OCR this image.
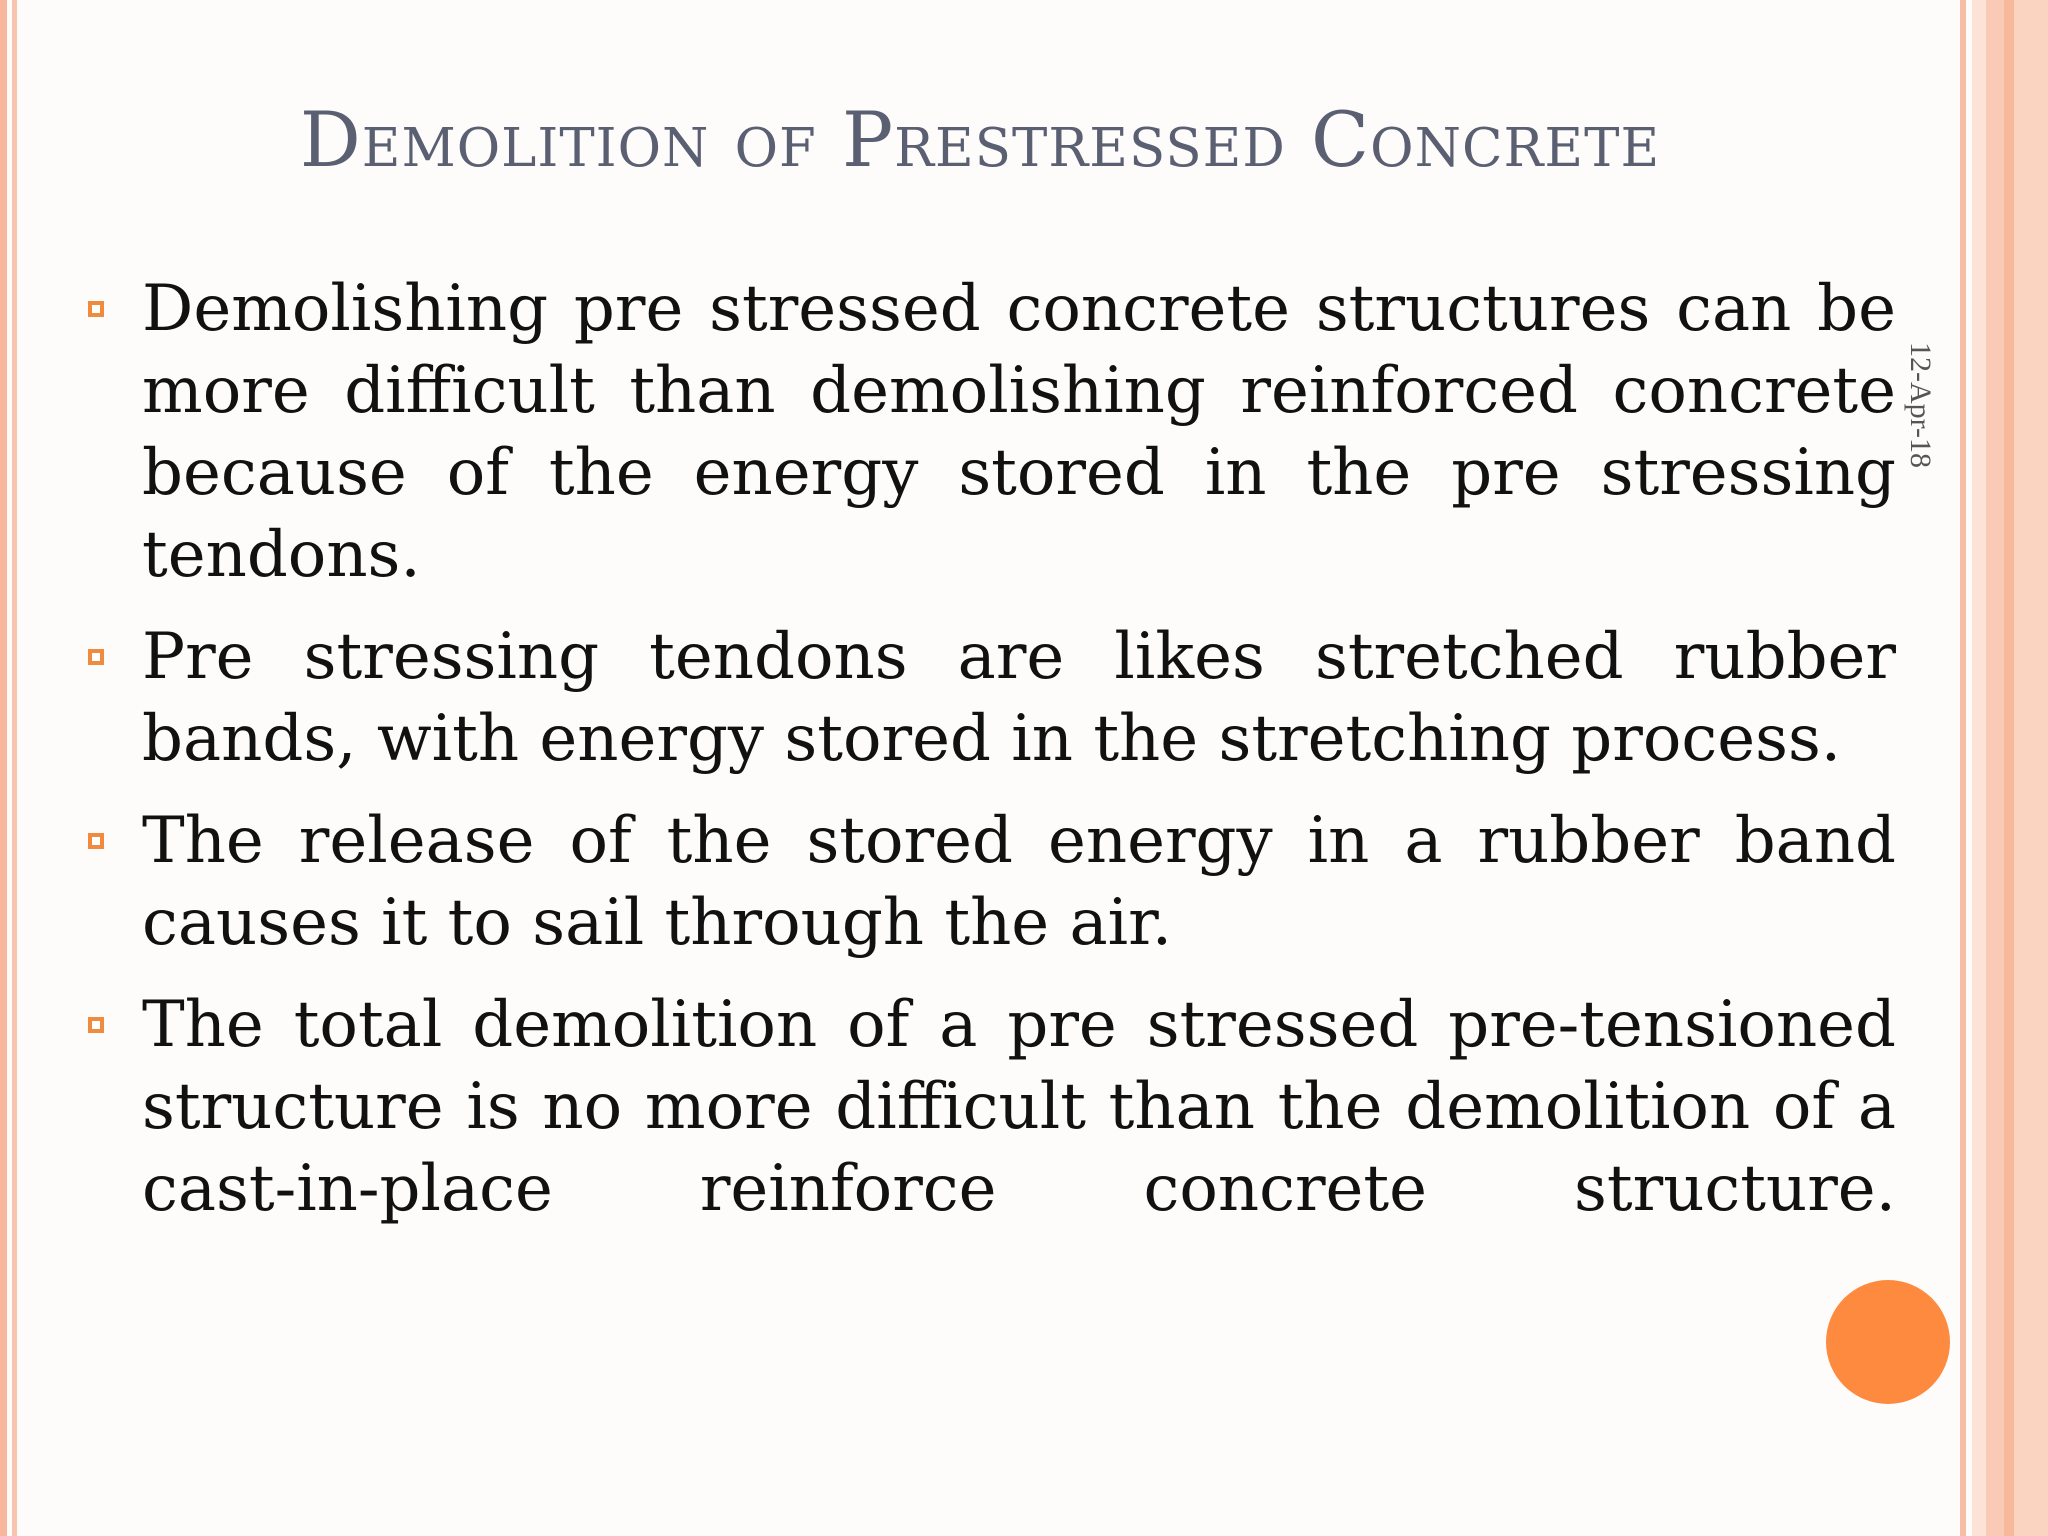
Demolition of Prestressed Concrete
12-Apr-18
Demolishing pre stressed concrete structures can be more difficult than demolishing reinforced concrete because of the energy stored in the pre stressing tendons.
Pre stressing tendons are likes stretched rubber bands, with energy stored in the stretching process.
The release of the stored energy in a rubber band causes it to sail through the air.
The total demolition of a pre stressed pre-tensioned structure is no more difficult than the demolition of a cast-in-place reinforce concrete structure.
